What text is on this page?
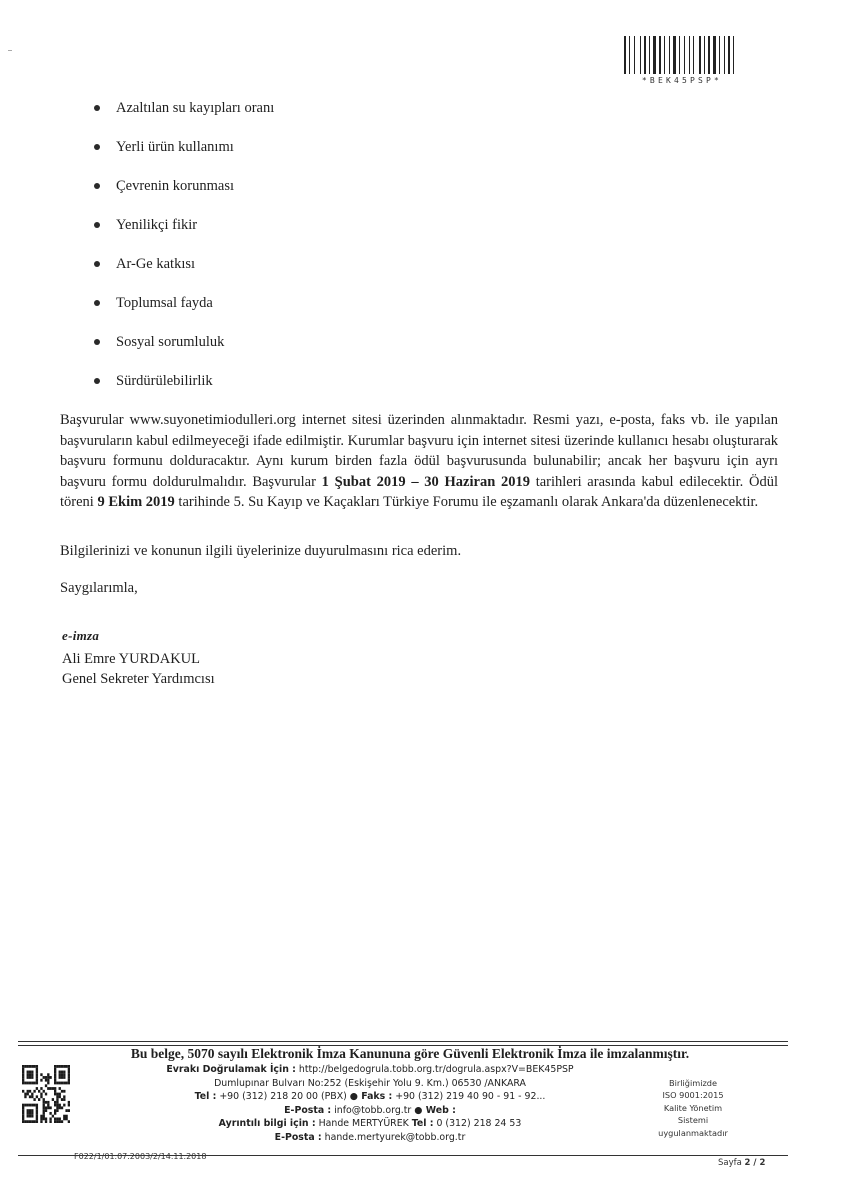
*BEK45PSP*
Azaltılan su kayıpları oranı
Yerli ürün kullanımı
Çevrenin korunması
Yenilikçi fikir
Ar-Ge katkısı
Toplumsal fayda
Sosyal sorumluluk
Sürdürülebilirlik

Başvurular www.suyonetimiodulleri.org internet sitesi üzerinden alınmaktadır. Resmi yazı, e-posta, faks vb. ile yapılan başvuruların kabul edilmeyeceği ifade edilmiştir. Kurumlar başvuru için internet sitesi üzerinde kullanıcı hesabı oluşturarak başvuru formunu dolduracaktır. Aynı kurum birden fazla ödül başvurusunda bulunabilir; ancak her başvuru için ayrı başvuru formu doldurulmalıdır. Başvurular 1 Şubat 2019 – 30 Haziran 2019 tarihleri arasında kabul edilecektir. Ödül töreni 9 Ekim 2019 tarihinde 5. Su Kayıp ve Kaçakları Türkiye Forumu ile eşzamanlı olarak Ankara'da düzenlenecektir.

Bilgilerinizi ve konunun ilgili üyelerinize duyurulmasını rica ederim.

Saygılarımla,

e-imza

Ali Emre YURDAKUL

Genel Sekreter Yardımcısı

Bu belge, 5070 sayılı Elektronik İmza Kanununa göre Güvenli Elektronik İmza ile imzalanmıştır.

Evrakı Doğrulamak İçin : http://belgedogrula.tobb.org.tr/dogrula.aspx?V=BEK45PSP

Dumlupınar Bulvarı No:252 (Eskişehir Yolu 9. Km.) 06530 /ANKARA

Tel : +90 (312) 218 20 00 (PBX) ● Faks : +90 (312) 219 40 90 - 91 - 92...

E-Posta : info@tobb.org.tr ● Web :

Ayrıntılı bilgi için : Hande MERTYÜREK Tel : 0 (312) 218 24 53

E-Posta : hande.mertyurek@tobb.org.tr

Birliğimizde

ISO 9001:2015

Kalite Yönetim

Sistemi

uygulanmaktadır

F022/1/01.07.2003/2/14.11.2018

Sayfa 2 / 2
